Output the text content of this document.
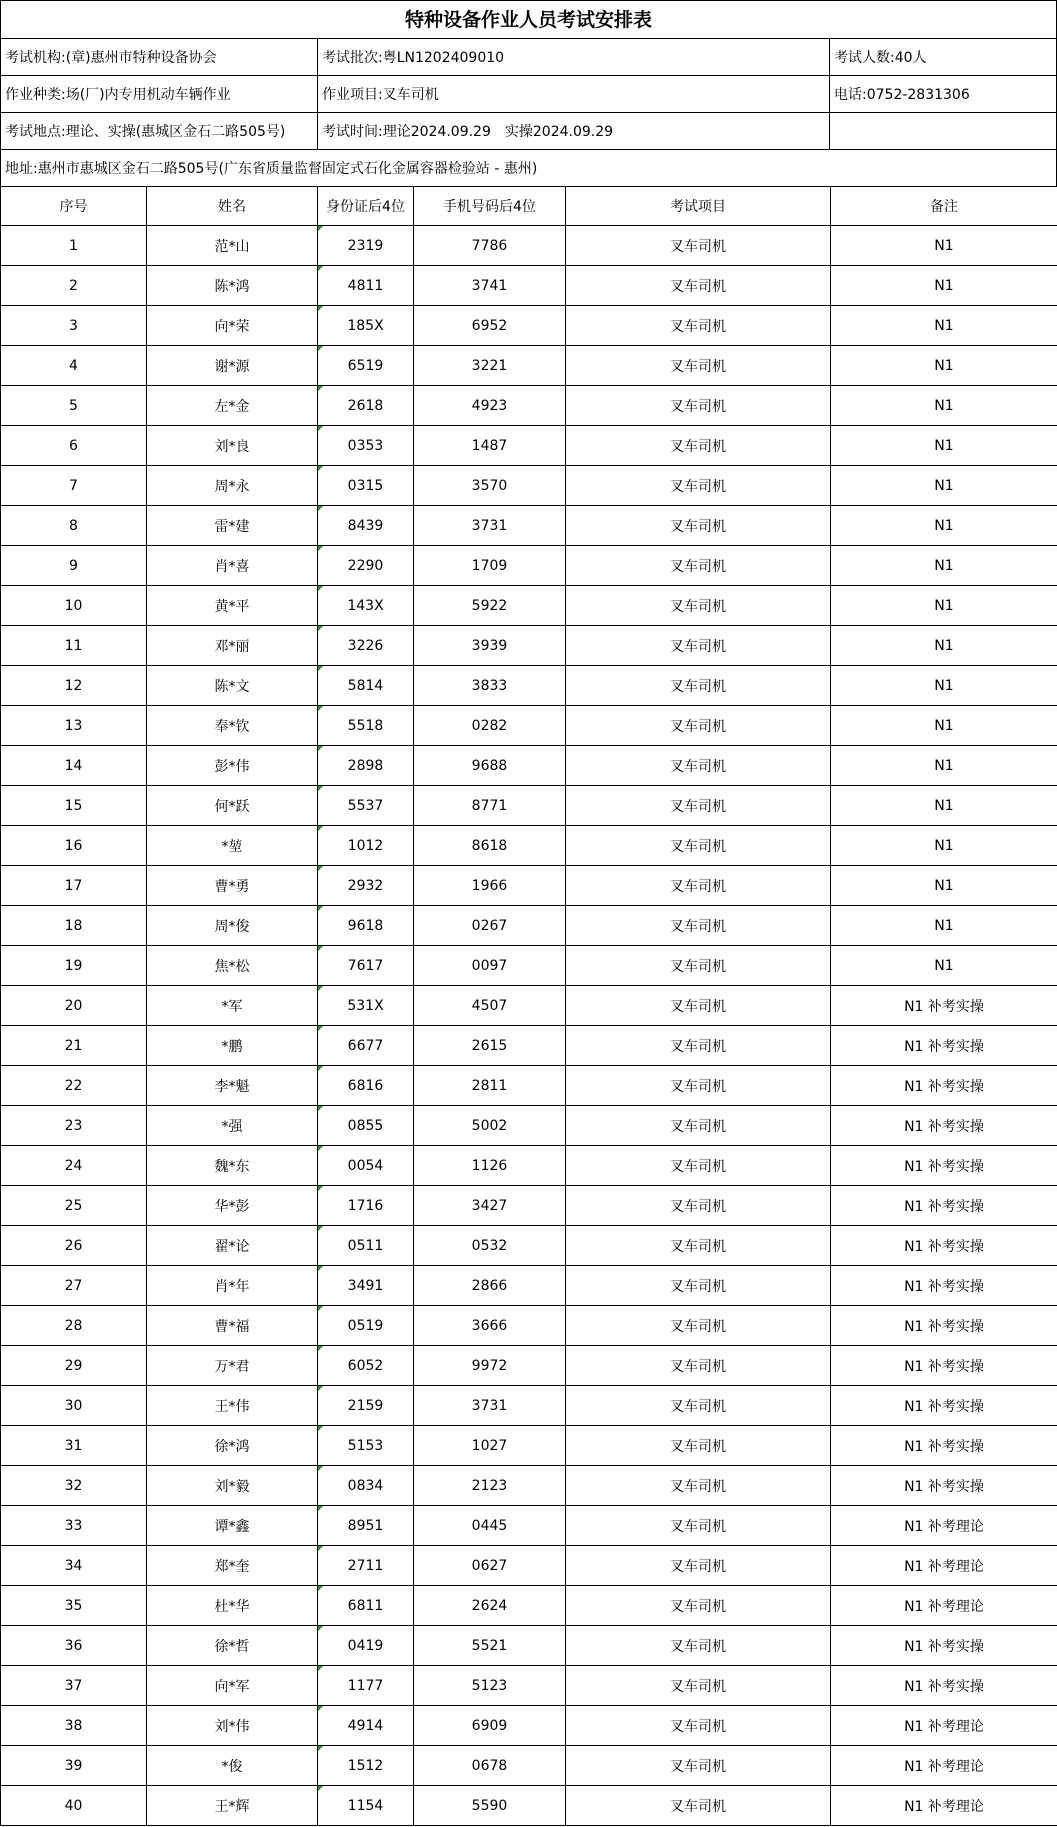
特种设备作业人员考试安排表
考试机构:(章)惠州市特种设备协会	考试批次:粤LN1202409010	考试人数:40人
作业种类:场(厂)内专用机动车辆作业	作业项目:叉车司机	电话:0752-2831306
考试地点:理论、实操(惠城区金石二路505号)	考试时间:理论2024.09.29　实操2024.09.29
地址:惠州市惠城区金石二路505号(广东省质量监督固定式石化金属容器检验站 - 惠州)
序号	姓名	身份证后4位	手机号码后4位	考试项目	备注
1	范*山	2319	7786	叉车司机	N1
2	陈*鸿	4811	3741	叉车司机	N1
3	向*荣	185X	6952	叉车司机	N1
4	谢*源	6519	3221	叉车司机	N1
5	左*金	2618	4923	叉车司机	N1
6	刘*良	0353	1487	叉车司机	N1
7	周*永	0315	3570	叉车司机	N1
8	雷*建	8439	3731	叉车司机	N1
9	肖*喜	2290	1709	叉车司机	N1
10	黄*平	143X	5922	叉车司机	N1
11	邓*丽	3226	3939	叉车司机	N1
12	陈*文	5814	3833	叉车司机	N1
13	奉*钦	5518	0282	叉车司机	N1
14	彭*伟	2898	9688	叉车司机	N1
15	何*跃	5537	8771	叉车司机	N1
16	*堃	1012	8618	叉车司机	N1
17	曹*勇	2932	1966	叉车司机	N1
18	周*俊	9618	0267	叉车司机	N1
19	焦*松	7617	0097	叉车司机	N1
20	*军	531X	4507	叉车司机	N1 补考实操
21	*鹏	6677	2615	叉车司机	N1 补考实操
22	李*魁	6816	2811	叉车司机	N1 补考实操
23	*强	0855	5002	叉车司机	N1 补考实操
24	魏*东	0054	1126	叉车司机	N1 补考实操
25	华*彭	1716	3427	叉车司机	N1 补考实操
26	翟*论	0511	0532	叉车司机	N1 补考实操
27	肖*年	3491	2866	叉车司机	N1 补考实操
28	曹*福	0519	3666	叉车司机	N1 补考实操
29	万*君	6052	9972	叉车司机	N1 补考实操
30	王*伟	2159	3731	叉车司机	N1 补考实操
31	徐*鸿	5153	1027	叉车司机	N1 补考实操
32	刘*毅	0834	2123	叉车司机	N1 补考实操
33	谭*鑫	8951	0445	叉车司机	N1 补考理论
34	郑*奎	2711	0627	叉车司机	N1 补考理论
35	杜*华	6811	2624	叉车司机	N1 补考理论
36	徐*哲	0419	5521	叉车司机	N1 补考实操
37	向*军	1177	5123	叉车司机	N1 补考实操
38	刘*伟	4914	6909	叉车司机	N1 补考理论
39	*俊	1512	0678	叉车司机	N1 补考理论
40	王*辉	1154	5590	叉车司机	N1 补考理论
